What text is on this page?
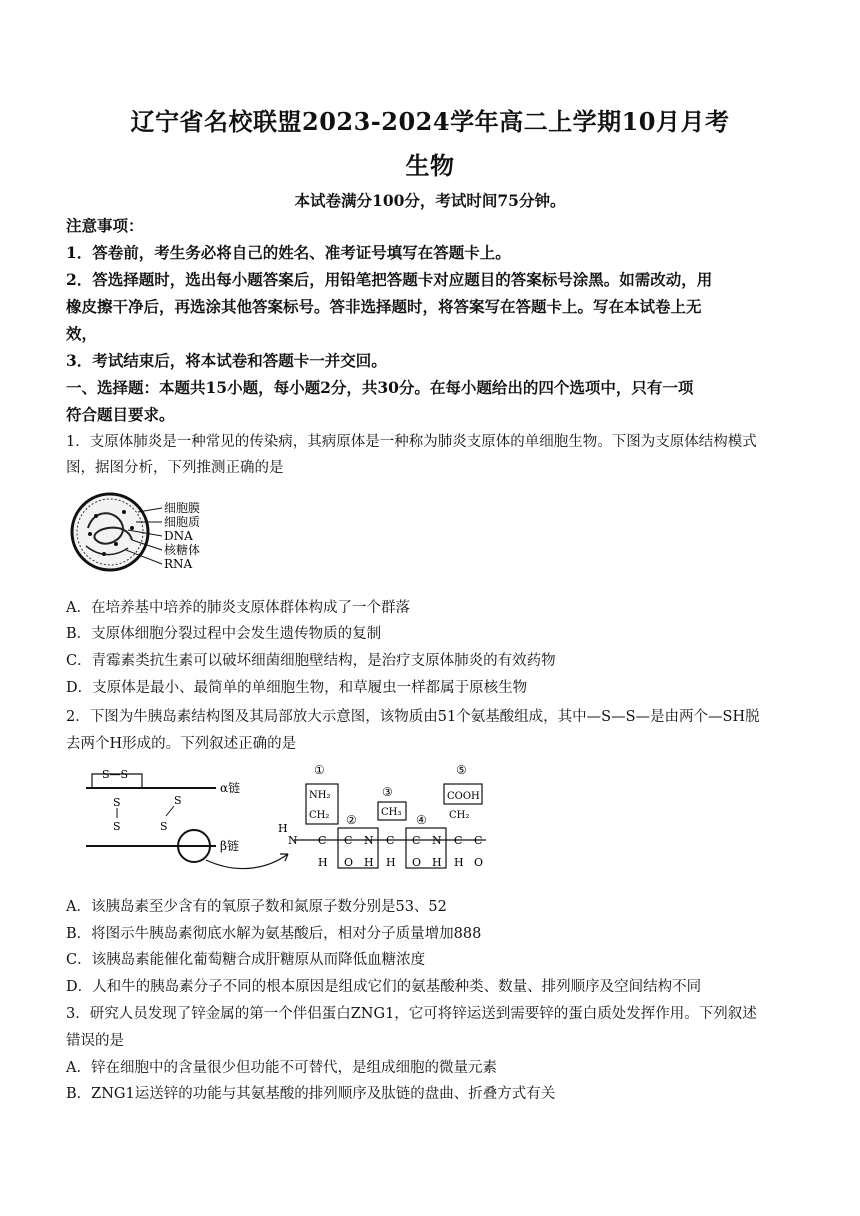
辽宁省名校联盟2023-2024学年高二上学期10月月考
生物
本试卷满分100分，考试时间75分钟。
注意事项：
1．答卷前，考生务必将自己的姓名、准考证号填写在答题卡上。
2．答选择题时，选出每小题答案后，用铅笔把答题卡对应题目的答案标号涂黑。如需改动，用
橡皮擦干净后，再选涂其他答案标号。答非选择题时，将答案写在答题卡上。写在本试卷上无
效，
3．考试结束后，将本试卷和答题卡一并交回。
一、选择题：本题共15小题，每小题2分，共30分。在每小题给出的四个选项中，只有一项
符合题目要求。
1．支原体肺炎是一种常见的传染病，其病原体是一种称为肺炎支原体的单细胞生物。下图为支原体结构模式
图，据图分析，下列推测正确的是
细胞膜
细胞质
DNA
核糖体
RNA
A．在培养基中培养的肺炎支原体群体构成了一个群落
B．支原体细胞分裂过程中会发生遗传物质的复制
C．青霉素类抗生素可以破坏细菌细胞壁结构，是治疗支原体肺炎的有效药物
D．支原体是最小、最简单的单细胞生物，和草履虫一样都属于原核生物
2．下图为牛胰岛素结构图及其局部放大示意图，该物质由51个氨基酸组成，其中—S—S—是由两个—SH脱
去两个H形成的。下列叙述正确的是
S—S
α链
β链
S
S
S
S	H
N
①
NH₂
CH₂
C
H
②
C N
O H
③
CH₃
C
H
④
C N
O H
⑤
COOH
CH₂
C
H
C
O
A．该胰岛素至少含有的氧原子数和氮原子数分别是53、52
B．将图示牛胰岛素彻底水解为氨基酸后，相对分子质量增加888
C．该胰岛素能催化葡萄糖合成肝糖原从而降低血糖浓度
D．人和牛的胰岛素分子不同的根本原因是组成它们的氨基酸种类、数量、排列顺序及空间结构不同
3．研究人员发现了锌金属的第一个伴侣蛋白ZNG1，它可将锌运送到需要锌的蛋白质处发挥作用。下列叙述
错误的是
A．锌在细胞中的含量很少但功能不可替代，是组成细胞的微量元素
B．ZNG1运送锌的功能与其氨基酸的排列顺序及肽链的盘曲、折叠方式有关
